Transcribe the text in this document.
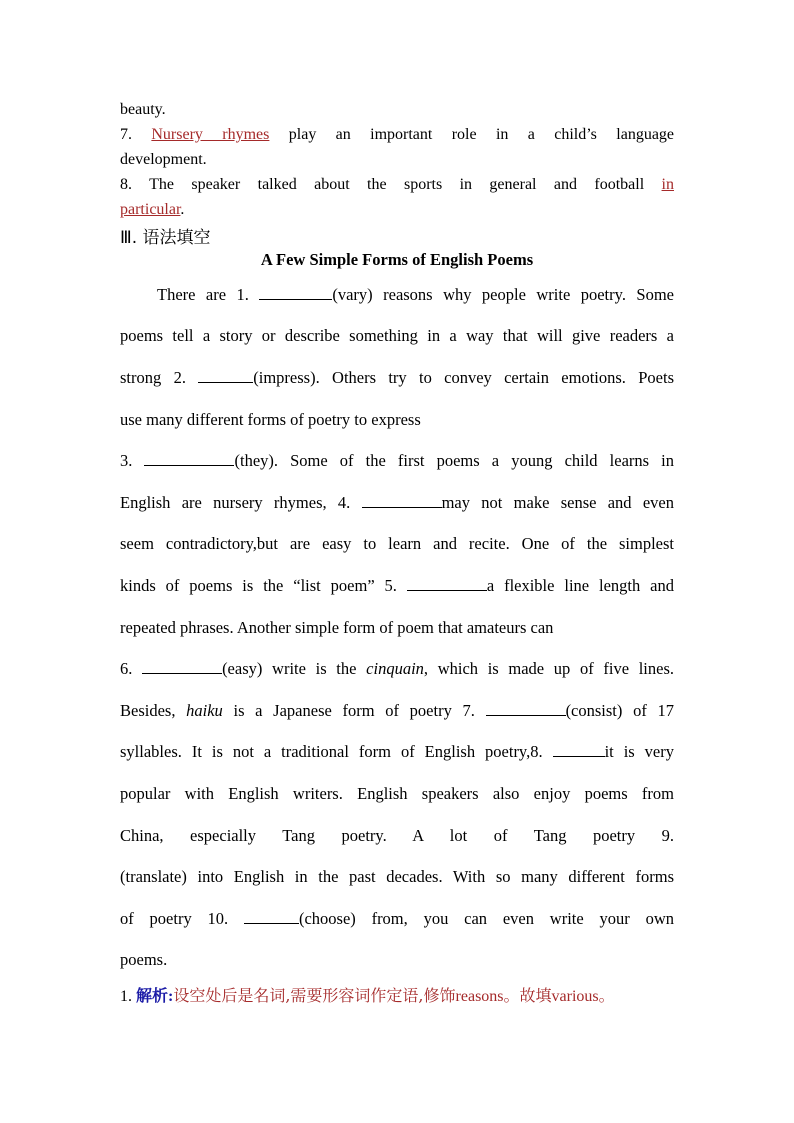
beauty.
7. Nursery rhymes play an important role in a child’s language
development.
8. The speaker talked about the sports in general and football in
particular.
Ⅲ. 语法填空
A Few Simple Forms of English Poems
There are 1.	(vary) reasons why people write poetry. Some
poems tell a story or describe something in a way that will give readers a
strong 2.	(impress). Others try to convey certain emotions. Poets
use many different forms of poetry to express
3.	(they). Some of the first poems a young child learns in
English are nursery rhymes, 4.	may not make sense and even
seem contradictory,but are easy to learn and recite. One of the simplest
kinds of poems is the “list poem” 5.	a flexible line length and
repeated phrases. Another simple form of poem that amateurs can
6.	(easy) write is the cinquain, which is made up of five lines.
Besides, haiku is a Japanese form of poetry 7.	(consist) of 17
syllables. It is not a traditional form of English poetry,8.	it is very
popular with English writers. English speakers also enjoy poems from
China, especially Tang poetry. A lot of Tang poetry 9.
(translate) into English in the past decades. With so many different forms
of poetry 10.	(choose) from, you can even write your own
poems.
1. 解析:设空处后是名词,需要形容词作定语,修饰reasons。故填various。
